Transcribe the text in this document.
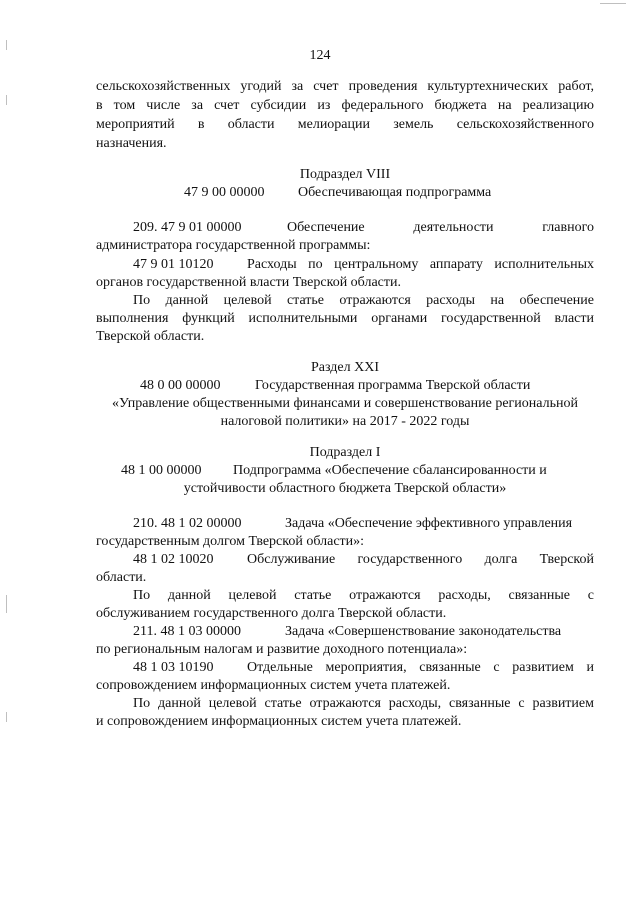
124
сельскохозяйственных угодий за счет проведения культуртехнических работ,
в том числе за счет субсидии из федерального бюджета на реализацию
мероприятий в области мелиорации земель сельскохозяйственного
назначения.
Подраздел VIII
47 9 00 00000 Обеспечивающая подпрограмма
209. 47 9 01 00000	Обеспечение деятельности главного
администратора государственной программы:
47 9 01 10120 Расходы по центральному аппарату исполнительных
органов государственной власти Тверской области.
По данной целевой статье отражаются расходы на обеспечение
выполнения функций исполнительными органами государственной власти
Тверской области.
Раздел XXI
48 0 00 00000 Государственная программа Тверской области
«Управление общественными финансами и совершенствование региональной
налоговой политики» на 2017 - 2022 годы
Подраздел I
48 1 00 00000 Подпрограмма «Обеспечение сбалансированности и
устойчивости областного бюджета Тверской области»
210. 48 1 02 00000	Задача «Обеспечение эффективного управления
государственным долгом Тверской области»:
48 1 02 10020 Обслуживание государственного долга Тверской
области.
По данной целевой статье отражаются расходы, связанные с
обслуживанием государственного долга Тверской области.
211. 48 1 03 00000	Задача «Совершенствование законодательства
по региональным налогам и развитие доходного потенциала»:
48 1 03 10190 Отдельные мероприятия, связанные с развитием и
сопровождением информационных систем учета платежей.
По данной целевой статье отражаются расходы, связанные с развитием
и сопровождением информационных систем учета платежей.
